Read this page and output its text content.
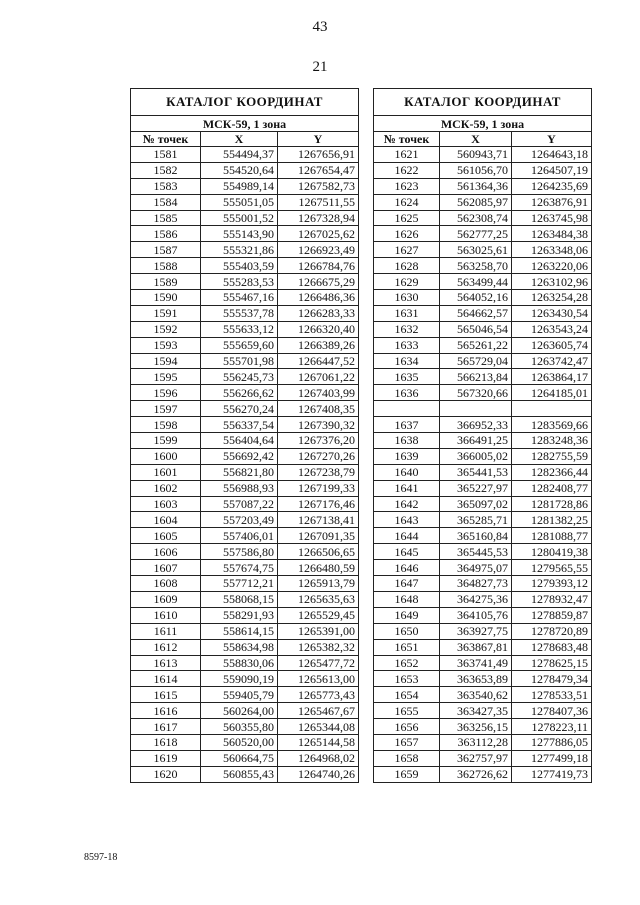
43
21
КАТАЛОГ КООРДИНАТ		
МСК-59, 1 зона		
№ точек	X	Y
1581	554494,37	1267656,91
1582	554520,64	1267654,47
1583	554989,14	1267582,73
1584	555051,05	1267511,55
1585	555001,52	1267328,94
1586	555143,90	1267025,62
1587	555321,86	1266923,49
1588	555403,59	1266784,76
1589	555283,53	1266675,29
1590	555467,16	1266486,36
1591	555537,78	1266283,33
1592	555633,12	1266320,40
1593	555659,60	1266389,26
1594	555701,98	1266447,52
1595	556245,73	1267061,22
1596	556266,62	1267403,99
1597	556270,24	1267408,35
1598	556337,54	1267390,32
1599	556404,64	1267376,20
1600	556692,42	1267270,26
1601	556821,80	1267238,79
1602	556988,93	1267199,33
1603	557087,22	1267176,46
1604	557203,49	1267138,41
1605	557406,01	1267091,35
1606	557586,80	1266506,65
1607	557674,75	1266480,59
1608	557712,21	1265913,79
1609	558068,15	1265635,63
1610	558291,93	1265529,45
1611	558614,15	1265391,00
1612	558634,98	1265382,32
1613	558830,06	1265477,72
1614	559090,19	1265613,00
1615	559405,79	1265773,43
1616	560264,00	1265467,67
1617	560355,80	1265344,08
1618	560520,00	1265144,58
1619	560664,75	1264968,02
1620	560855,43	1264740,26
КАТАЛОГ КООРДИНАТ		
МСК-59, 1 зона		
№ точек	X	Y
1621	560943,71	1264643,18
1622	561056,70	1264507,19
1623	561364,36	1264235,69
1624	562085,97	1263876,91
1625	562308,74	1263745,98
1626	562777,25	1263484,38
1627	563025,61	1263348,06
1628	563258,70	1263220,06
1629	563499,44	1263102,96
1630	564052,16	1263254,28
1631	564662,57	1263430,54
1632	565046,54	1263543,24
1633	565261,22	1263605,74
1634	565729,04	1263742,47
1635	566213,84	1263864,17
1636	567320,66	1264185,01

1637	366952,33	1283569,66
1638	366491,25	1283248,36
1639	366005,02	1282755,59
1640	365441,53	1282366,44
1641	365227,97	1282408,77
1642	365097,02	1281728,86
1643	365285,71	1281382,25
1644	365160,84	1281088,77
1645	365445,53	1280419,38
1646	364975,07	1279565,55
1647	364827,73	1279393,12
1648	364275,36	1278932,47
1649	364105,76	1278859,87
1650	363927,75	1278720,89
1651	363867,81	1278683,48
1652	363741,49	1278625,15
1653	363653,89	1278479,34
1654	363540,62	1278533,51
1655	363427,35	1278407,36
1656	363256,15	1278223,11
1657	363112,28	1277886,05
1658	362757,97	1277499,18
1659	362726,62	1277419,73
8597-18
